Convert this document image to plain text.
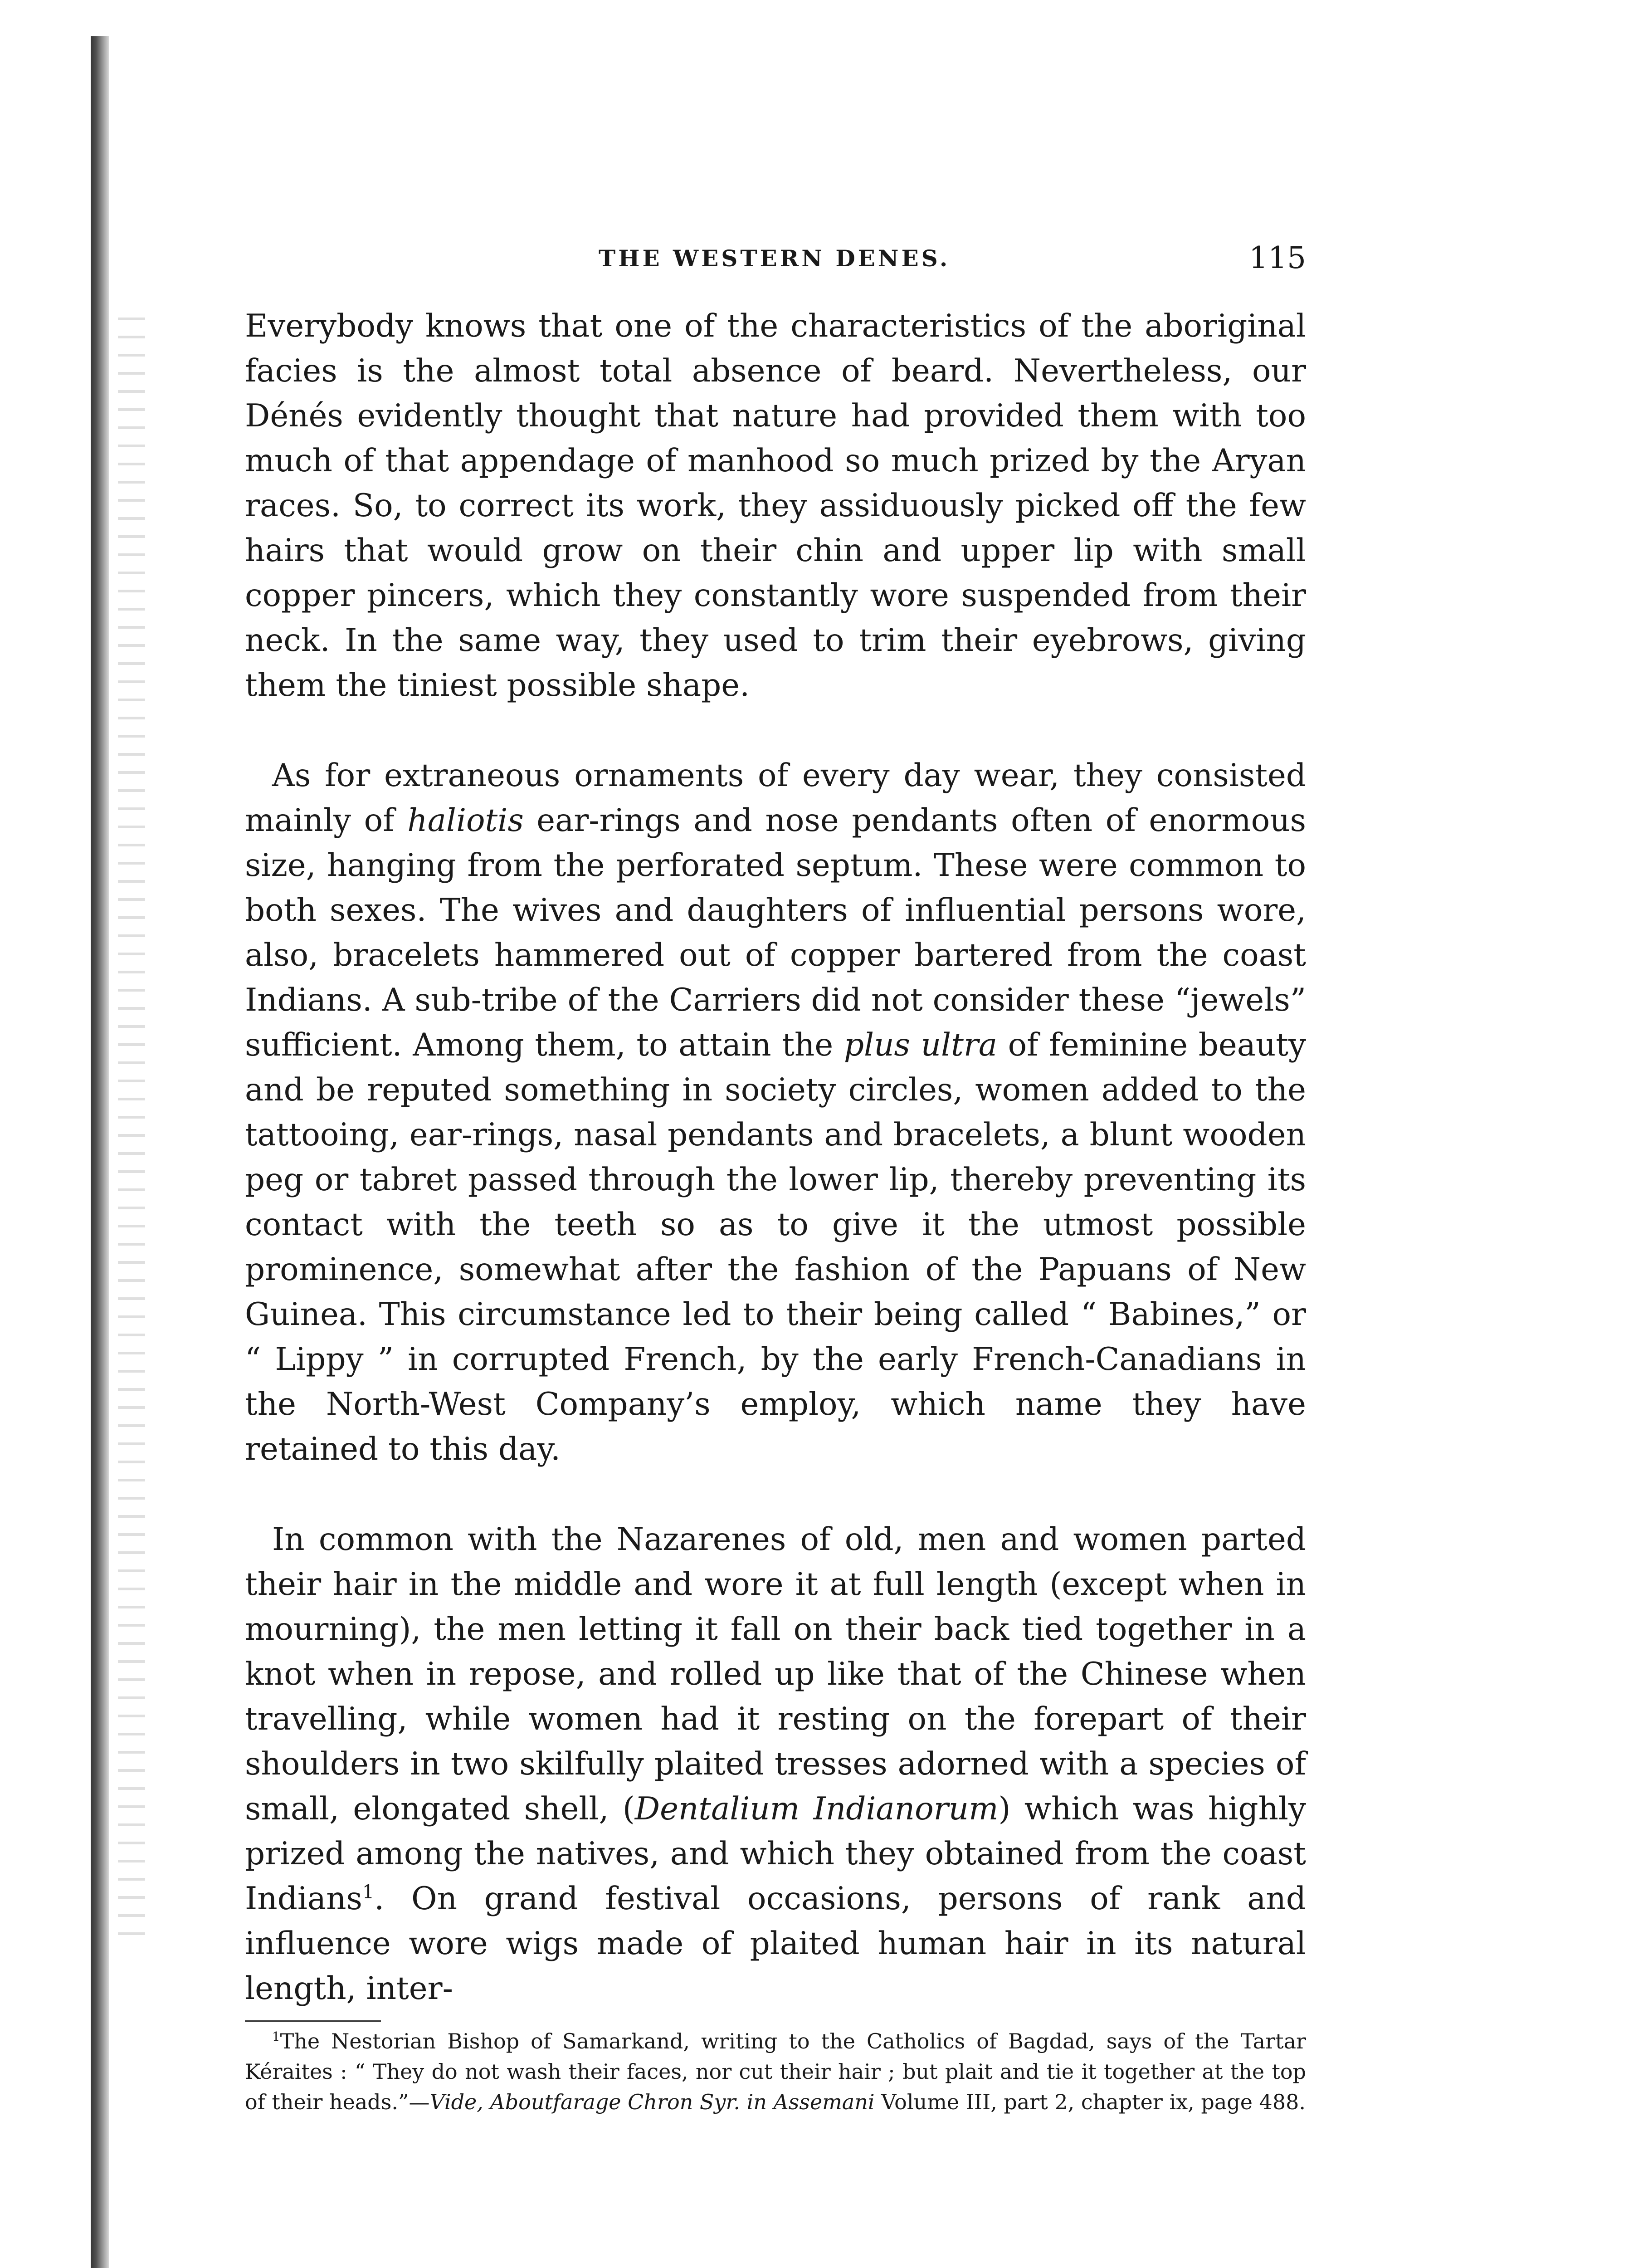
THE WESTERN DENES.	115

Everybody knows that one of the characteristics of the aboriginal facies is the almost total absence of beard. Nevertheless, our Dénés evidently thought that nature had provided them with too much of that appendage of manhood so much prized by the Aryan races. So, to correct its work, they assiduously picked off the few hairs that would grow on their chin and upper lip with small copper pincers, which they constantly wore suspended from their neck. In the same way, they used to trim their eyebrows, giving them the tiniest possible shape.

As for extraneous ornaments of every day wear, they consisted mainly of haliotis ear-rings and nose pendants often of enormous size, hanging from the perforated septum. These were common to both sexes. The wives and daughters of influential persons wore, also, bracelets hammered out of copper bartered from the coast Indians. A sub-tribe of the Carriers did not consider these “jewels” sufficient. Among them, to attain the plus ultra of feminine beauty and be reputed something in society circles, women added to the tattooing, ear-rings, nasal pendants and bracelets, a blunt wooden peg or tabret passed through the lower lip, thereby preventing its contact with the teeth so as to give it the utmost possible prominence, somewhat after the fashion of the Papuans of New Guinea. This circumstance led to their being called “ Babines,” or “ Lippy ” in corrupted French, by the early French-Canadians in the North-West Company’s employ, which name they have retained to this day.

In common with the Nazarenes of old, men and women parted their hair in the middle and wore it at full length (except when in mourning), the men letting it fall on their back tied together in a knot when in repose, and rolled up like that of the Chinese when travelling, while women had it resting on the forepart of their shoulders in two skilfully plaited tresses adorned with a species of small, elongated shell, (Dentalium Indianorum) which was highly prized among the natives, and which they obtained from the coast Indians$^1$. On grand festival occasions, persons of rank and influence wore wigs made of plaited human hair in its natural length, inter-

$^1$The Nestorian Bishop of Samarkand, writing to the Catholics of Bagdad, says of the Tartar Kéraites : “ They do not wash their faces, nor cut their hair ; but plait and tie it together at the top of their heads.”—Vide, Aboutfarage Chron Syr. in Assemani Volume III, part 2, chapter ix, page 488.
